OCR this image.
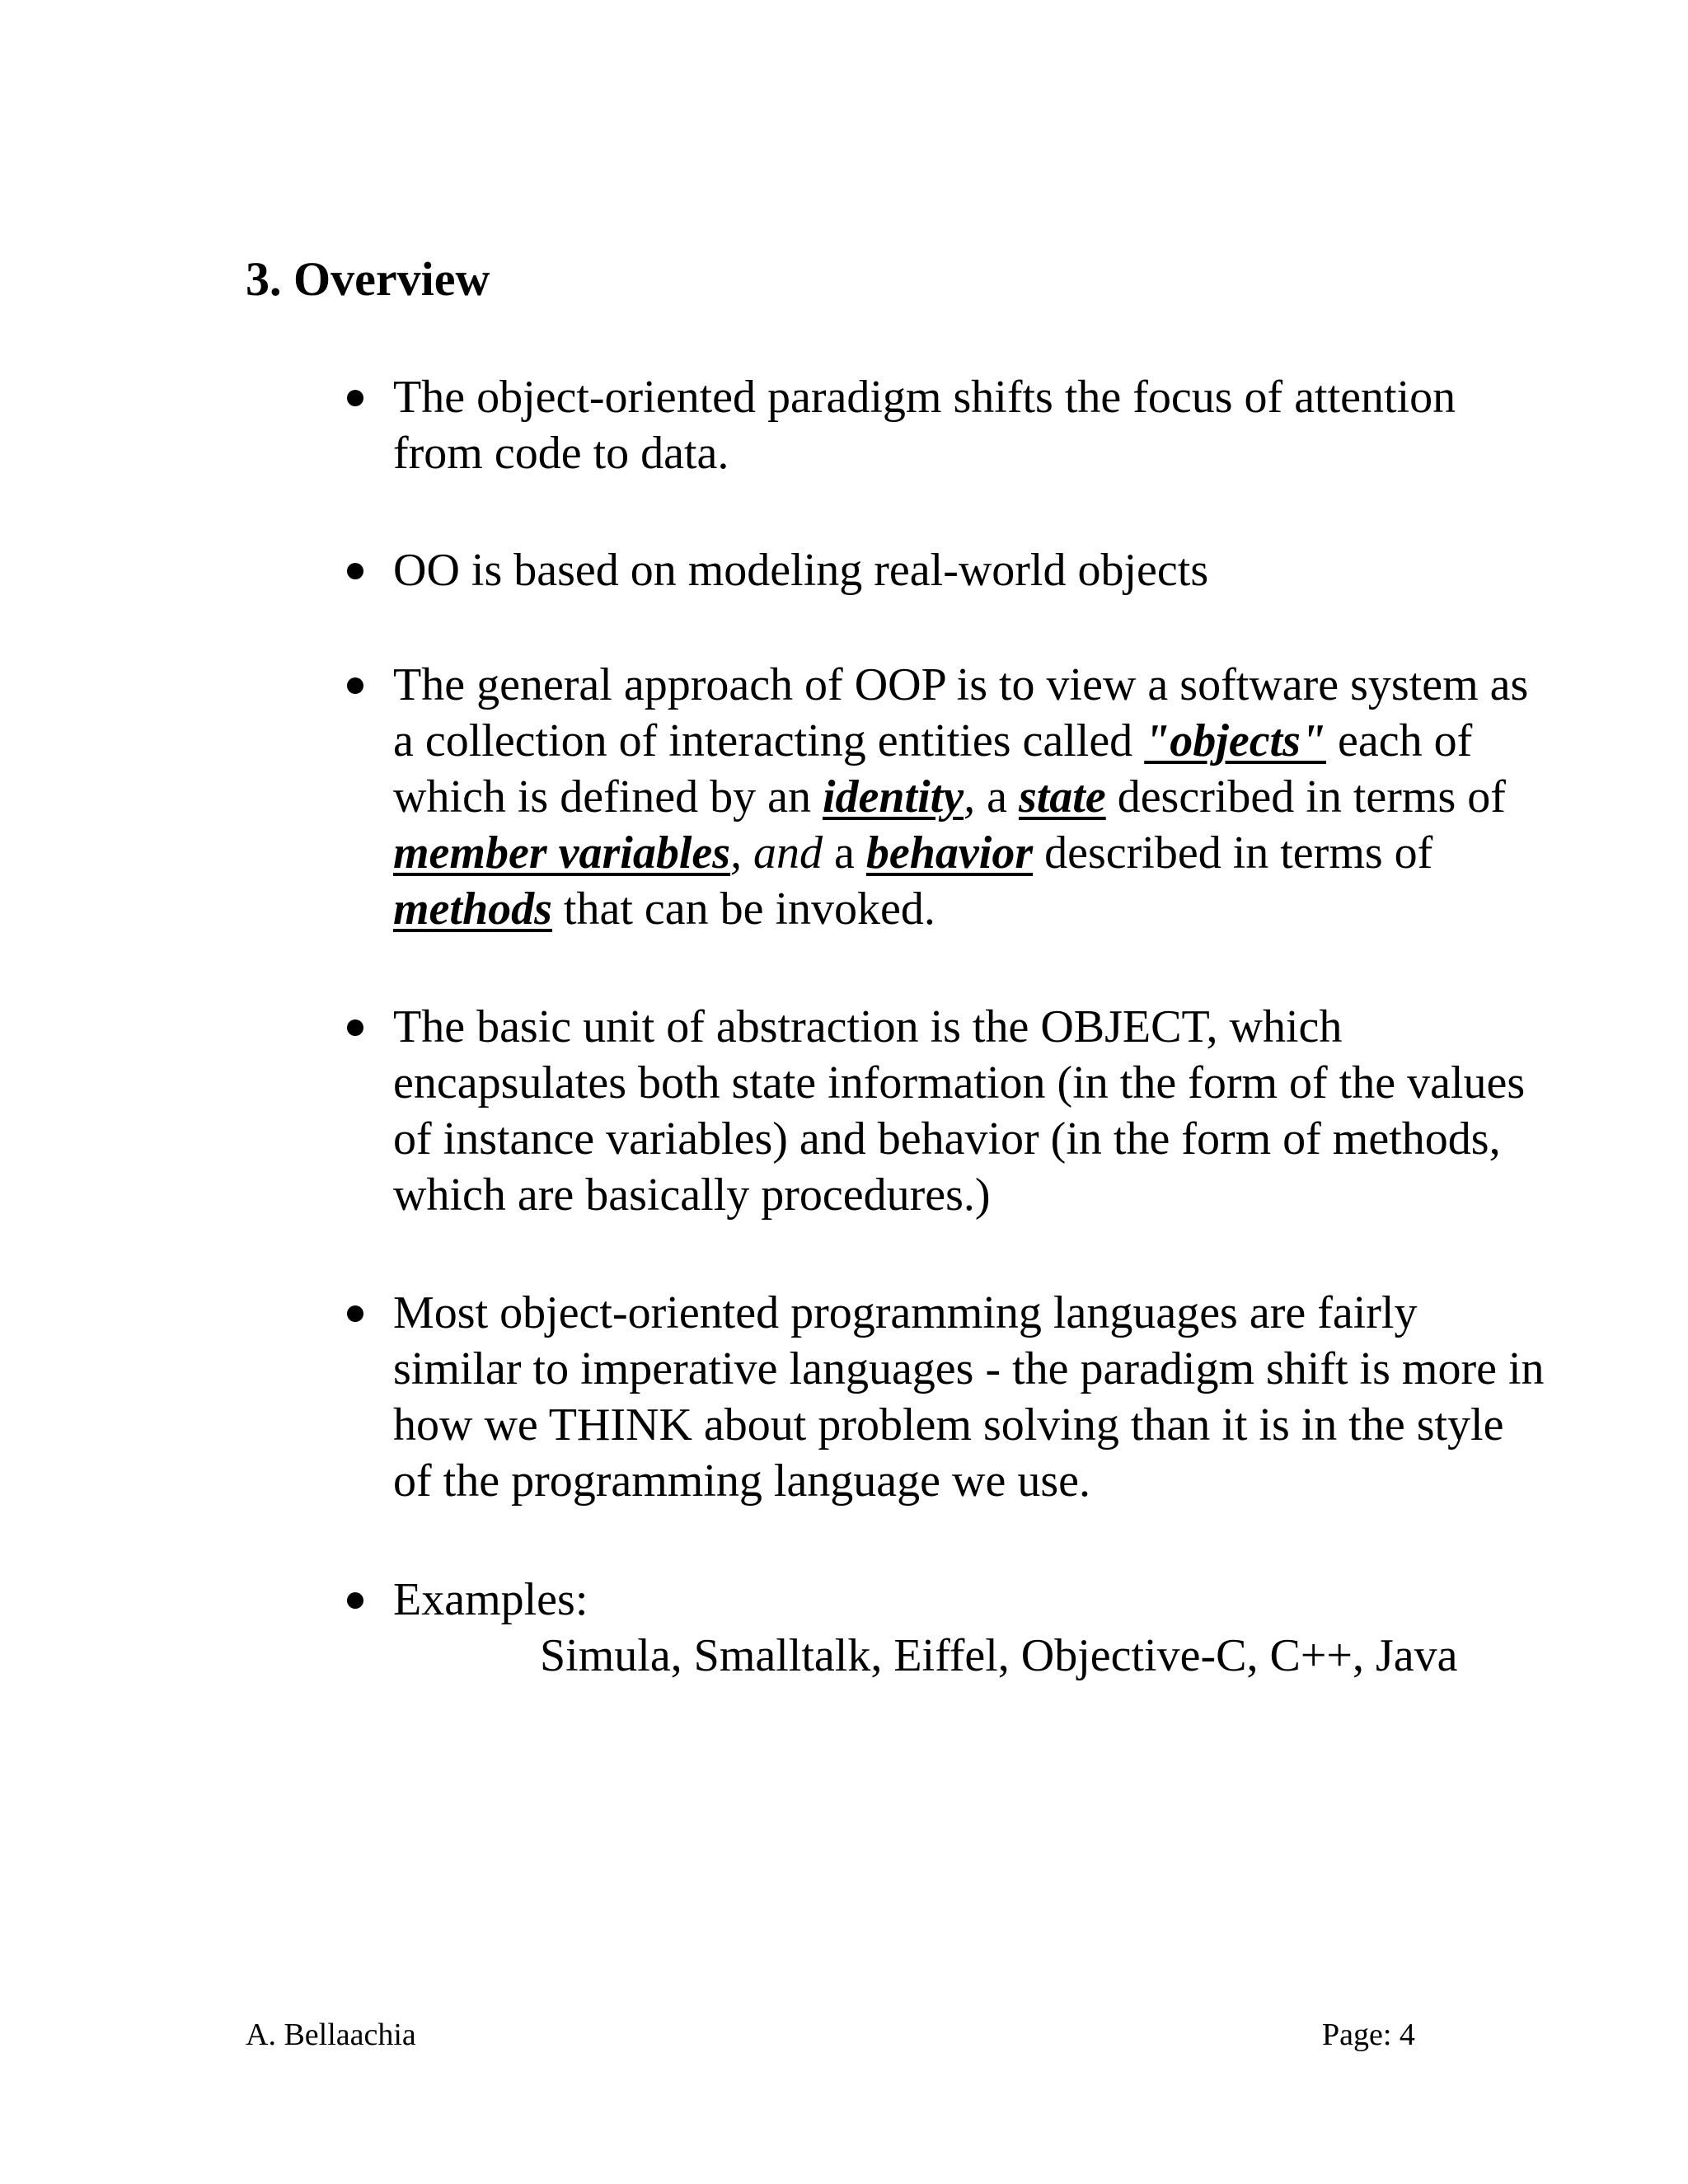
3. Overview
The object-oriented paradigm shifts the focus of attention
from code to data.
OO is based on modeling real-world objects
The general approach of OOP is to view a software system as
a collection of interacting entities called "objects" each of
which is defined by an identity, a state described in terms of
member variables, and a behavior described in terms of
methods that can be invoked.
The basic unit of abstraction is the OBJECT, which
encapsulates both state information (in the form of the values
of instance variables) and behavior (in the form of methods,
which are basically procedures.)
Most object-oriented programming languages are fairly
similar to imperative languages - the paradigm shift is more in
how we THINK about problem solving than it is in the style
of the programming language we use.
Examples:
Simula, Smalltalk, Eiffel, Objective-C, C++, Java
A. Bellaachia	Page: 4
